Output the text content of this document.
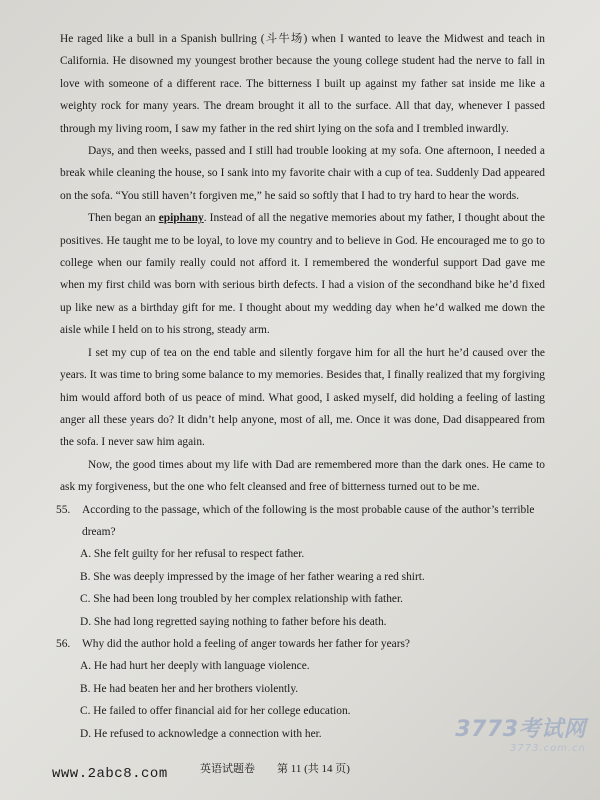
He raged like a bull in a Spanish bullring (斗牛场) when I wanted to leave the Midwest and teach in California. He disowned my youngest brother because the young college student had the nerve to fall in love with someone of a different race. The bitterness I built up against my father sat inside me like a weighty rock for many years. The dream brought it all to the surface. All that day, whenever I passed through my living room, I saw my father in the red shirt lying on the sofa and I trembled inwardly.

Days, and then weeks, passed and I still had trouble looking at my sofa. One afternoon, I needed a break while cleaning the house, so I sank into my favorite chair with a cup of tea. Suddenly Dad appeared on the sofa. “You still haven’t forgiven me,” he said so softly that I had to try hard to hear the words.

Then began an epiphany. Instead of all the negative memories about my father, I thought about the positives. He taught me to be loyal, to love my country and to believe in God. He encouraged me to go to college when our family really could not afford it. I remembered the wonderful support Dad gave me when my first child was born with serious birth defects. I had a vision of the secondhand bike he’d fixed up like new as a birthday gift for me. I thought about my wedding day when he’d walked me down the aisle while I held on to his strong, steady arm.

I set my cup of tea on the end table and silently forgave him for all the hurt he’d caused over the years. It was time to bring some balance to my memories. Besides that, I finally realized that my forgiving him would afford both of us peace of mind. What good, I asked myself, did holding a feeling of lasting anger all these years do? It didn’t help anyone, most of all, me. Once it was done, Dad disappeared from the sofa. I never saw him again.

Now, the good times about my life with Dad are remembered more than the dark ones. He came to ask my forgiveness, but the one who felt cleansed and free of bitterness turned out to be me.

55.	According to the passage, which of the following is the most probable cause of the author’s terrible dream?

A. She felt guilty for her refusal to respect father.

B. She was deeply impressed by the image of her father wearing a red shirt.

C. She had been long troubled by her complex relationship with father.

D. She had long regretted saying nothing to father before his death.

56.	Why did the author hold a feeling of anger towards her father for years?

A. He had hurt her deeply with language violence.

B. He had beaten her and her brothers violently.

C. He failed to offer financial aid for her college education.

D. He refused to acknowledge a connection with her.

www.2abc8.com	英语试题卷　　第 11 (共 14 页)
3773考试网
3773.com.cn
